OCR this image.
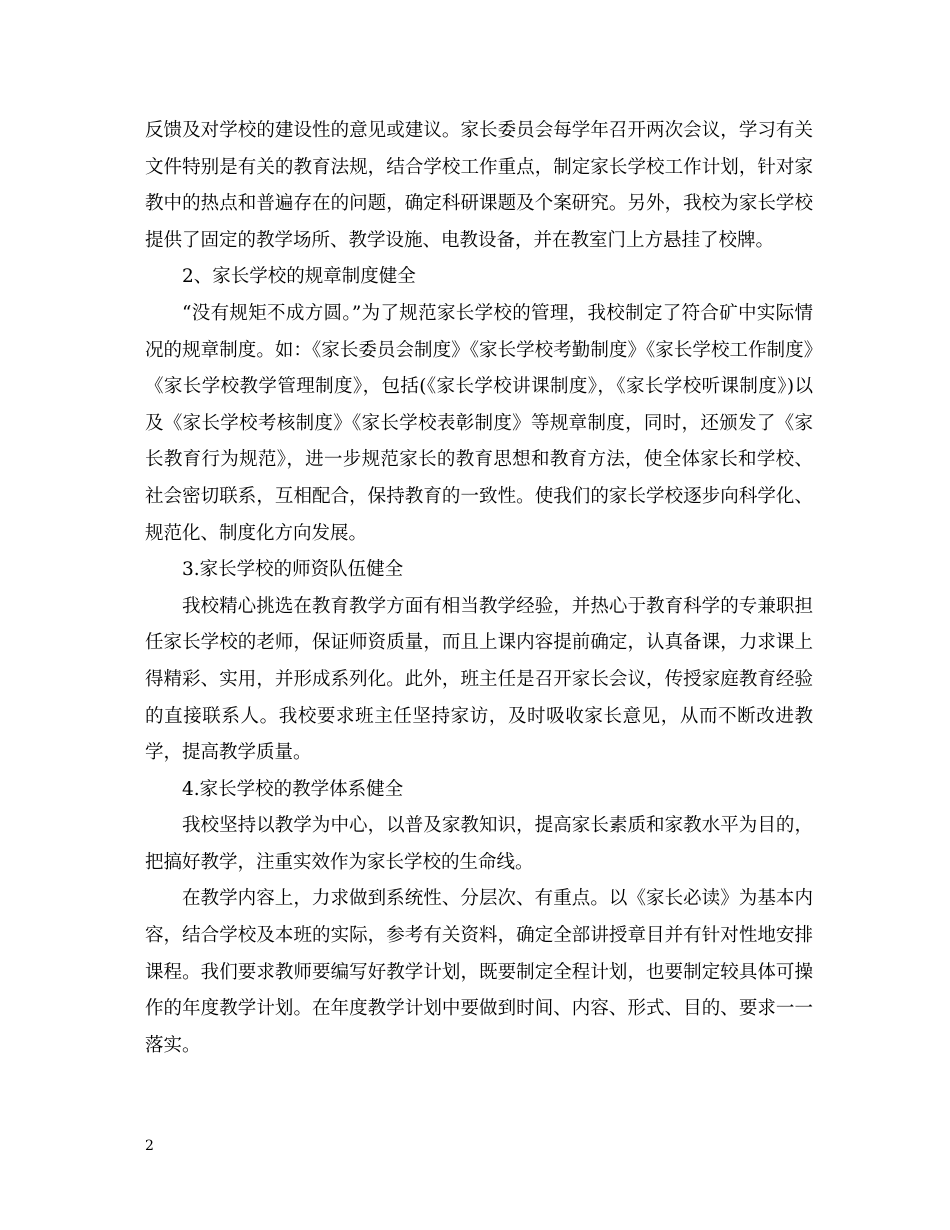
反馈及对学校的建设性的意见或建议。家长委员会每学年召开两次会议，学习有关文件特别是有关的教育法规，结合学校工作重点，制定家长学校工作计划，针对家教中的热点和普遍存在的问题，确定科研课题及个案研究。另外，我校为家长学校提供了固定的教学场所、教学设施、电教设备，并在教室门上方悬挂了校牌。

2、家长学校的规章制度健全

“没有规矩不成方圆。”为了规范家长学校的管理，我校制定了符合矿中实际情况的规章制度。如：《家长委员会制度》《家长学校考勤制度》《家长学校工作制度》《家长学校教学管理制度》，包括(《家长学校讲课制度》，《家长学校听课制度》)以及《家长学校考核制度》《家长学校表彰制度》等规章制度，同时，还颁发了《家长教育行为规范》，进一步规范家长的教育思想和教育方法，使全体家长和学校、社会密切联系，互相配合，保持教育的一致性。使我们的家长学校逐步向科学化、规范化、制度化方向发展。

3.家长学校的师资队伍健全

我校精心挑选在教育教学方面有相当教学经验，并热心于教育科学的专兼职担任家长学校的老师，保证师资质量，而且上课内容提前确定，认真备课，力求课上得精彩、实用，并形成系列化。此外，班主任是召开家长会议，传授家庭教育经验的直接联系人。我校要求班主任坚持家访，及时吸收家长意见，从而不断改进教学，提高教学质量。

4.家长学校的教学体系健全

我校坚持以教学为中心，以普及家教知识，提高家长素质和家教水平为目的，把搞好教学，注重实效作为家长学校的生命线。

在教学内容上，力求做到系统性、分层次、有重点。以《家长必读》为基本内容，结合学校及本班的实际，参考有关资料，确定全部讲授章目并有针对性地安排课程。我们要求教师要编写好教学计划，既要制定全程计划，也要制定较具体可操作的年度教学计划。在年度教学计划中要做到时间、内容、形式、目的、要求一一落实。

2
